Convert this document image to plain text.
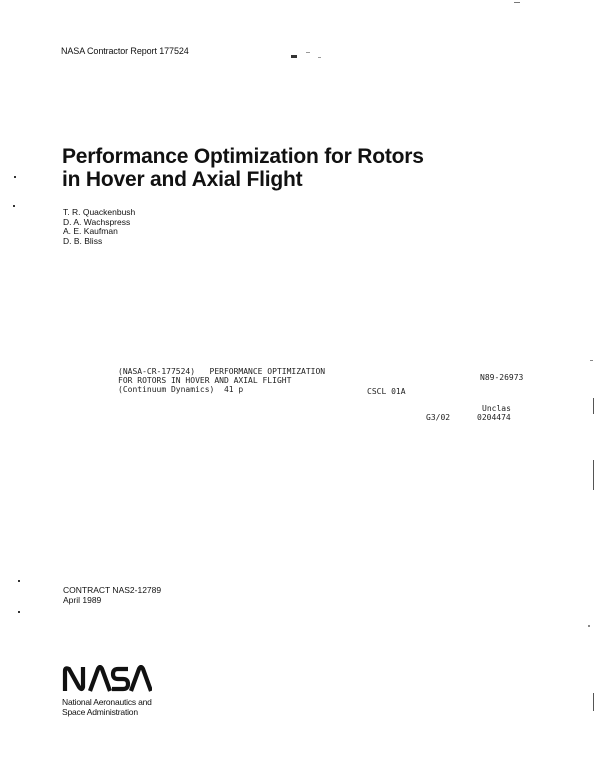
NASA Contractor Report 177524
Performance Optimization for Rotors
in Hover and Axial Flight
T. R. Quackenbush
D. A. Wachspress
A. E. Kaufman
D. B. Bliss
(NASA-CR-177524)   PERFORMANCE OPTIMIZATION
FOR ROTORS IN HOVER AND AXIAL FLIGHT
(Continuum Dynamics)  41 p	CSCL 01A
N89-26973
Unclas
G3/02	0204474
CONTRACT NAS2-12789
April 1989
National Aeronautics and
Space Administration
